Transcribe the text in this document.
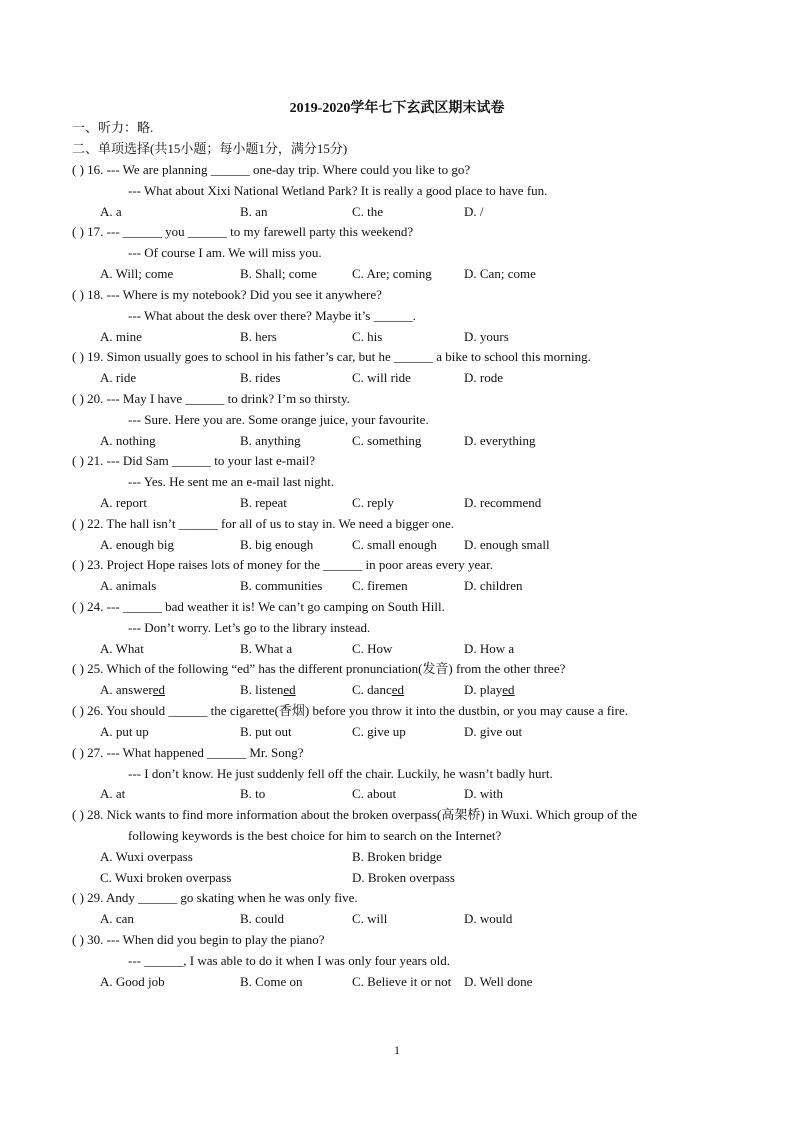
2019-2020学年七下玄武区期末试卷
一、听力：略.
二、单项选择(共15小题；每小题1分，满分15分)
( ) 16. --- We are planning ______ one-day trip. Where could you like to go?
--- What about Xixi National Wetland Park? It is really a good place to have fun.
A. a	B. an	C. the	D. /
( ) 17. --- ______ you ______ to my farewell party this weekend?
--- Of course I am. We will miss you.
A. Will; come	B. Shall; come	C. Are; coming D. Can; come
( ) 18. --- Where is my notebook? Did you see it anywhere?
--- What about the desk over there? Maybe it’s ______.
A. mine	B. hers	C. his	D. yours
( ) 19. Simon usually goes to school in his father’s car, but he ______ a bike to school this morning.
A. ride	B. rides	C. will ride	D. rode
( ) 20. --- May I have ______ to drink? I’m so thirsty.
--- Sure. Here you are. Some orange juice, your favourite.
A. nothing	B. anything	C. something	D. everything
( ) 21. --- Did Sam ______ to your last e-mail?
--- Yes. He sent me an e-mail last night.
A. report	B. repeat	C. reply	D. recommend
( ) 22. The hall isn’t ______ for all of us to stay in. We need a bigger one.
A. enough big	B. big enough	C. small enough D. enough small
( ) 23. Project Hope raises lots of money for the ______ in poor areas every year.
A. animals	B. communities C. firemen	D. children
( ) 24. --- ______ bad weather it is! We can’t go camping on South Hill.
--- Don’t worry. Let’s go to the library instead.
A. What	B. What a	C. How	D. How a
( ) 25. Which of the following “ed” has the different pronunciation(发音) from the other three?
A. answered	B. listened	C. danced	D. played
( ) 26. You should ______ the cigarette(香烟) before you throw it into the dustbin, or you may cause a fire.
A. put up	B. put out	C. give up	D. give out
( ) 27. --- What happened ______ Mr. Song?
--- I don’t know. He just suddenly fell off the chair. Luckily, he wasn’t badly hurt.
A. at	B. to	C. about	D. with
( ) 28. Nick wants to find more information about the broken overpass(高架桥) in Wuxi. Which group of the
following keywords is the best choice for him to search on the Internet?
A. Wuxi overpass	B. Broken bridge
C. Wuxi broken overpass	D. Broken overpass
( ) 29. Andy ______ go skating when he was only five.
A. can	B. could	C. will	D. would
( ) 30. --- When did you begin to play the piano?
--- ______, I was able to do it when I was only four years old.
A. Good job	B. Come on	C. Believe it or not D. Well done
1
